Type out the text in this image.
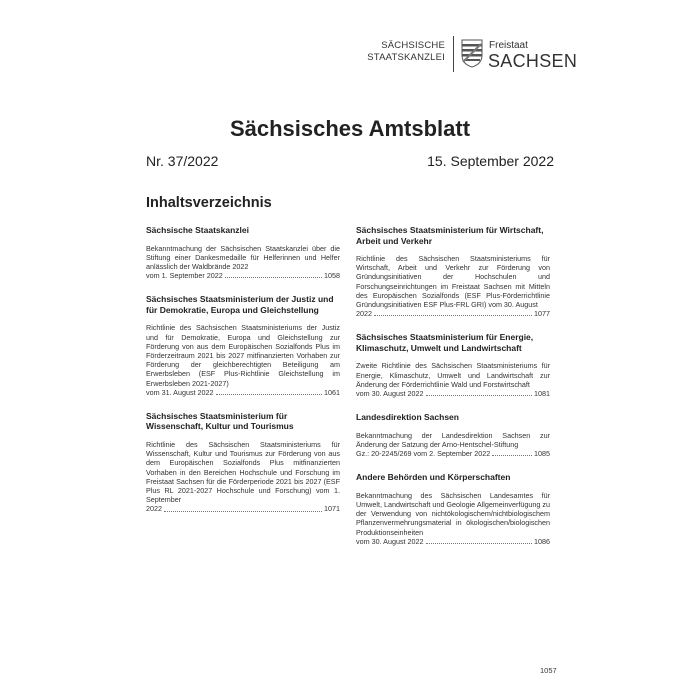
SÄCHSISCHE
STAATSKANZLEI
Freistaat
SACHSEN
Sächsisches Amtsblatt
Nr. 37/2022	15. September 2022
Inhaltsverzeichnis
Sächsische Staatskanzlei
Bekanntmachung der Sächsischen Staatskanzlei über die Stiftung einer Dankesmedaille für Helferinnen und Helfer anlässlich der Waldbrände 2022
vom 1. September 2022	1058
Sächsisches Staatsministerium der Justiz und für Demokratie, Europa und Gleichstellung
Richtlinie des Sächsischen Staatsministeriums der Justiz und für Demokratie, Europa und Gleichstellung zur Förderung von aus dem Europäischen Sozialfonds Plus im Förderzeitraum 2021 bis 2027 mitfinanzierten Vorhaben zur Förderung der gleichberechtigten Beteiligung am Erwerbsleben (ESF Plus-Richtlinie Gleichstellung im Erwerbsleben 2021-2027)
vom 31. August 2022	1061
Sächsisches Staatsministerium für Wissenschaft, Kultur und Tourismus
Richtlinie des Sächsischen Staatsministeriums für Wissenschaft, Kultur und Tourismus zur Förderung von aus dem Europäischen Sozialfonds Plus mitfinanzierten Vorhaben in den Bereichen Hochschule und Forschung im Freistaat Sachsen für die Förderperiode 2021 bis 2027 (ESF Plus RL 2021-2027 Hochschule und Forschung) vom 1. September
2022	1071
Sächsisches Staatsministerium für Wirtschaft, Arbeit und Verkehr
Richtlinie des Sächsischen Staatsministeriums für Wirtschaft, Arbeit und Verkehr zur Förderung von Gründungsinitiativen der Hochschulen und Forschungseinrichtungen im Freistaat Sachsen mit Mitteln des Europäischen Sozialfonds (ESF Plus-Förderrichtlinie Gründungsinitiativen ESF Plus-FRL GRI) vom 30. August
2022	1077
Sächsisches Staatsministerium für Energie, Klimaschutz, Umwelt und Landwirtschaft
Zweite Richtlinie des Sächsischen Staatsministeriums für Energie, Klimaschutz, Umwelt und Landwirtschaft zur Änderung der Förderrichtlinie Wald und Forstwirtschaft
vom 30. August 2022	1081
Landesdirektion Sachsen
Bekanntmachung der Landesdirektion Sachsen zur Änderung der Satzung der Arno-Hentschel-Stiftung
Gz.: 20-2245/269 vom 2. September 2022	1085
Andere Behörden und Körperschaften
Bekanntmachung des Sächsischen Landesamtes für Umwelt, Landwirtschaft und Geologie Allgemeinverfügung zu der Verwendung von nichtökologischem/nichtbiologischem Pflanzenvermehrungsmaterial in ökologischen/biologischen Produktionseinheiten
vom 30. August 2022	1086
1057
